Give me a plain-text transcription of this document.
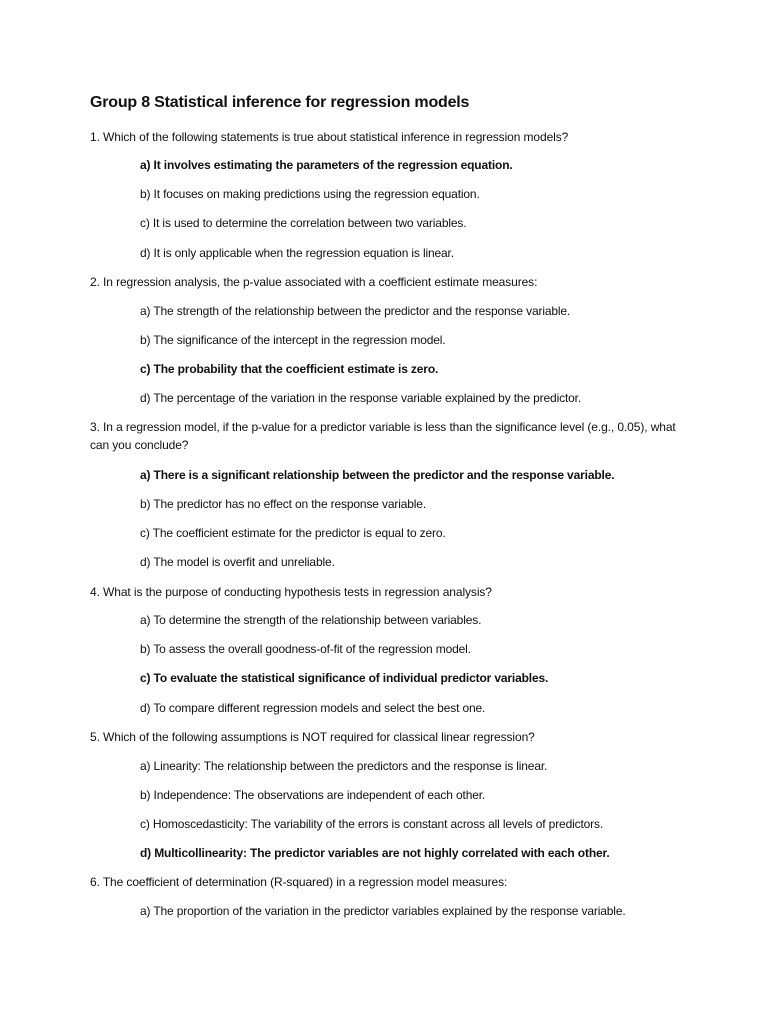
Group 8 Statistical inference for regression models
1. Which of the following statements is true about statistical inference in regression models?
a) It involves estimating the parameters of the regression equation.
b) It focuses on making predictions using the regression equation.
c) It is used to determine the correlation between two variables.
d) It is only applicable when the regression equation is linear.
2. In regression analysis, the p-value associated with a coefficient estimate measures:
a) The strength of the relationship between the predictor and the response variable.
b) The significance of the intercept in the regression model.
c) The probability that the coefficient estimate is zero.
d) The percentage of the variation in the response variable explained by the predictor.
3. In a regression model, if the p-value for a predictor variable is less than the significance level (e.g., 0.05), what can you conclude?
a) There is a significant relationship between the predictor and the response variable.
b) The predictor has no effect on the response variable.
c) The coefficient estimate for the predictor is equal to zero.
d) The model is overfit and unreliable.
4. What is the purpose of conducting hypothesis tests in regression analysis?
a) To determine the strength of the relationship between variables.
b) To assess the overall goodness-of-fit of the regression model.
c) To evaluate the statistical significance of individual predictor variables.
d) To compare different regression models and select the best one.
5. Which of the following assumptions is NOT required for classical linear regression?
a) Linearity: The relationship between the predictors and the response is linear.
b) Independence: The observations are independent of each other.
c) Homoscedasticity: The variability of the errors is constant across all levels of predictors.
d) Multicollinearity: The predictor variables are not highly correlated with each other.
6. The coefficient of determination (R-squared) in a regression model measures:
a) The proportion of the variation in the predictor variables explained by the response variable.
